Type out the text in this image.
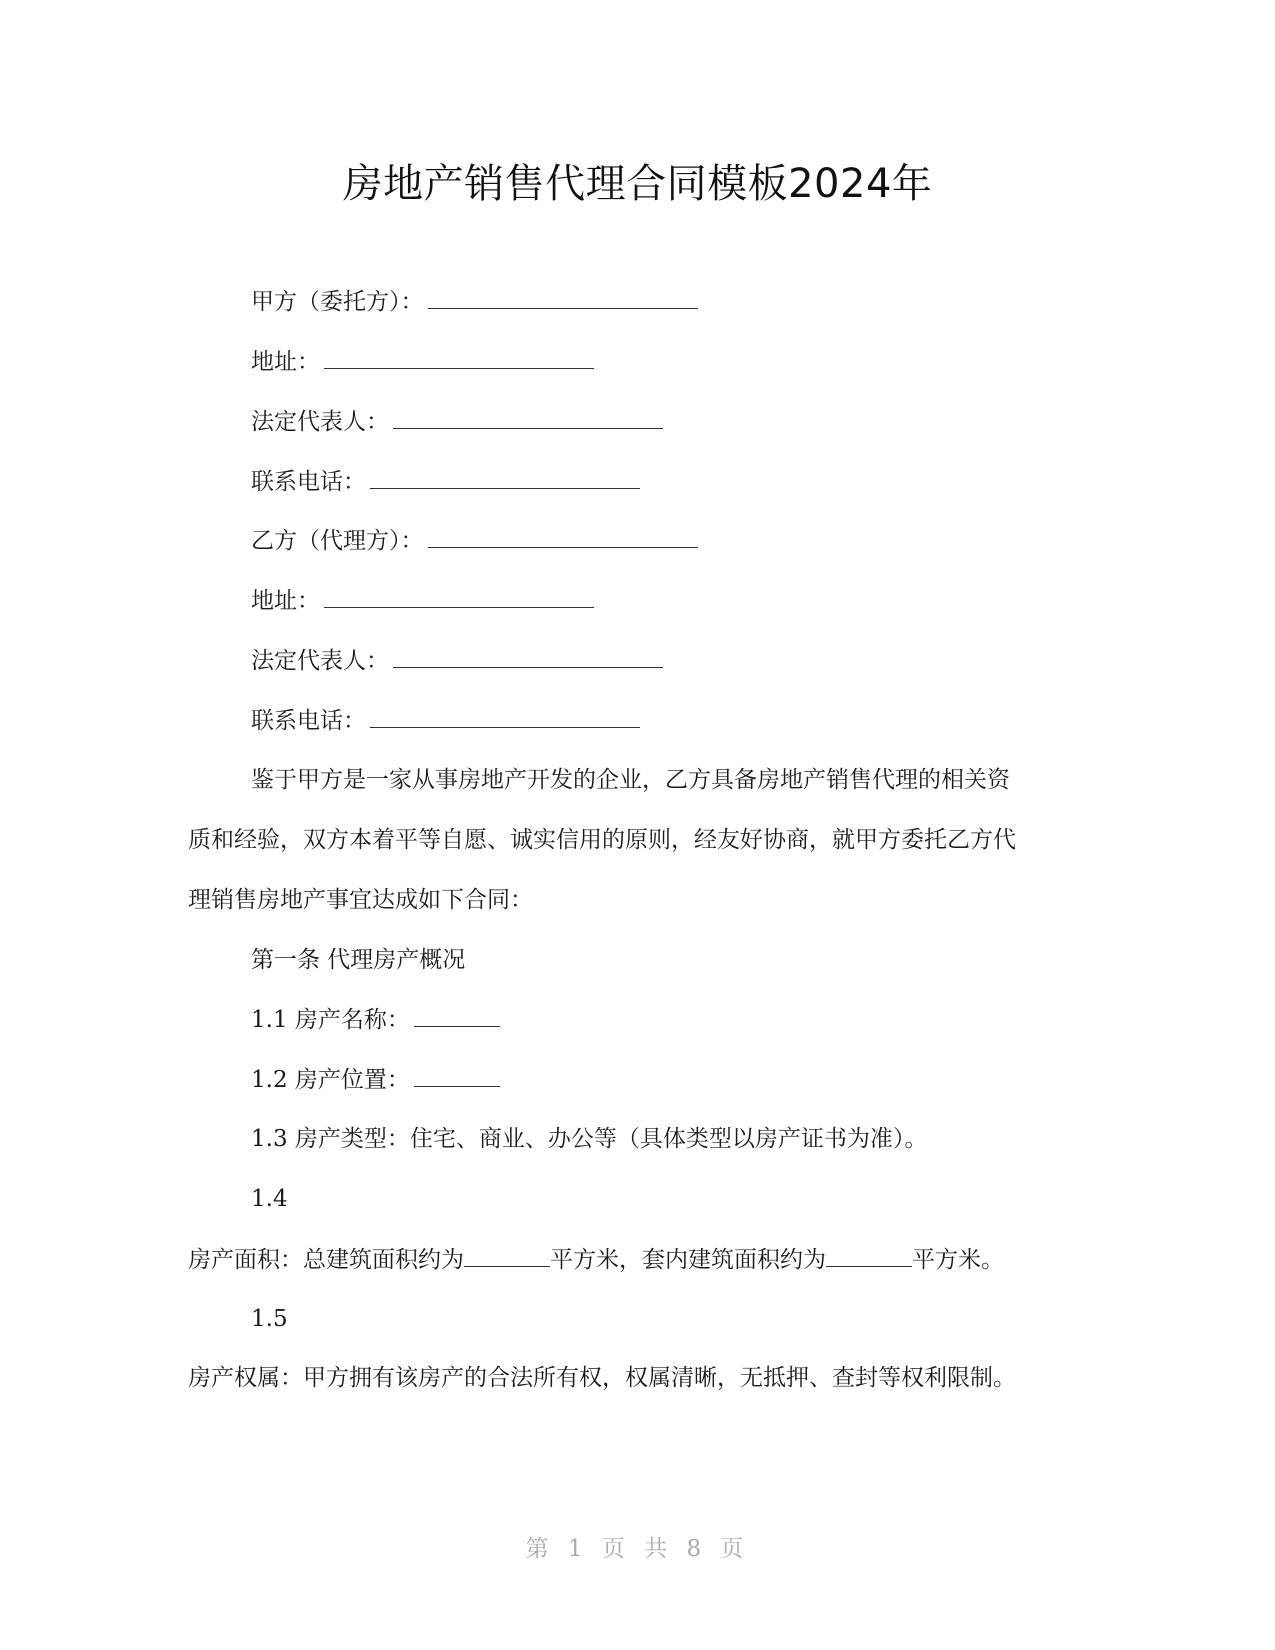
房地产销售代理合同模板2024年
甲方（委托方）：
地址：
法定代表人：
联系电话：
乙方（代理方）：
地址：
法定代表人：
联系电话：
鉴于甲方是一家从事房地产开发的企业，乙方具备房地产销售代理的相关资
质和经验，双方本着平等自愿、诚实信用的原则，经友好协商，就甲方委托乙方代
理销售房地产事宜达成如下合同：
第一条 代理房产概况
1.1 房产名称：
1.2 房产位置：
1.3 房产类型：住宅、商业、办公等（具体类型以房产证书为准）。
1.4
房产面积：总建筑面积约为	平方米，套内建筑面积约为	平方米。
1.5
房产权属：甲方拥有该房产的合法所有权，权属清晰，无抵押、查封等权利限制。
第 1 页 共 8 页
